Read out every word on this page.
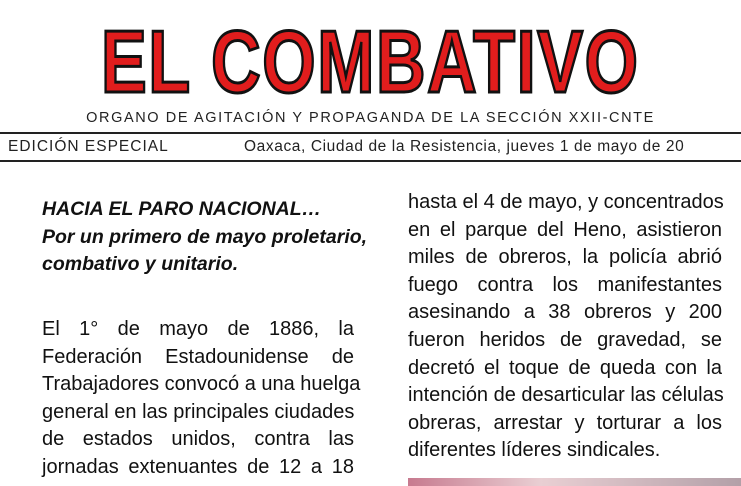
EL COMBATIVO
ORGANO DE AGITACIÓN Y PROPAGANDA DE LA SECCIÓN XXII-CNTE
EDICIÓN ESPECIAL	Oaxaca, Ciudad de la Resistencia, jueves 1 de mayo de 20
HACIA EL PARO NACIONAL…
Por un primero de mayo proletario,
combativo y unitario.
El 1° de mayo de 1886, la
Federación Estadounidense de
Trabajadores convocó a una huelga
general en las principales ciudades
de estados unidos, contra las
jornadas extenuantes de 12 a 18
hasta el 4 de mayo, y concentrados
en el parque del Heno, asistieron
miles de obreros, la policía abrió
fuego contra los manifestantes
asesinando a 38 obreros y 200
fueron heridos de gravedad, se
decretó el toque de queda con la
intención de desarticular las células
obreras, arrestar y torturar a los
diferentes líderes sindicales.
